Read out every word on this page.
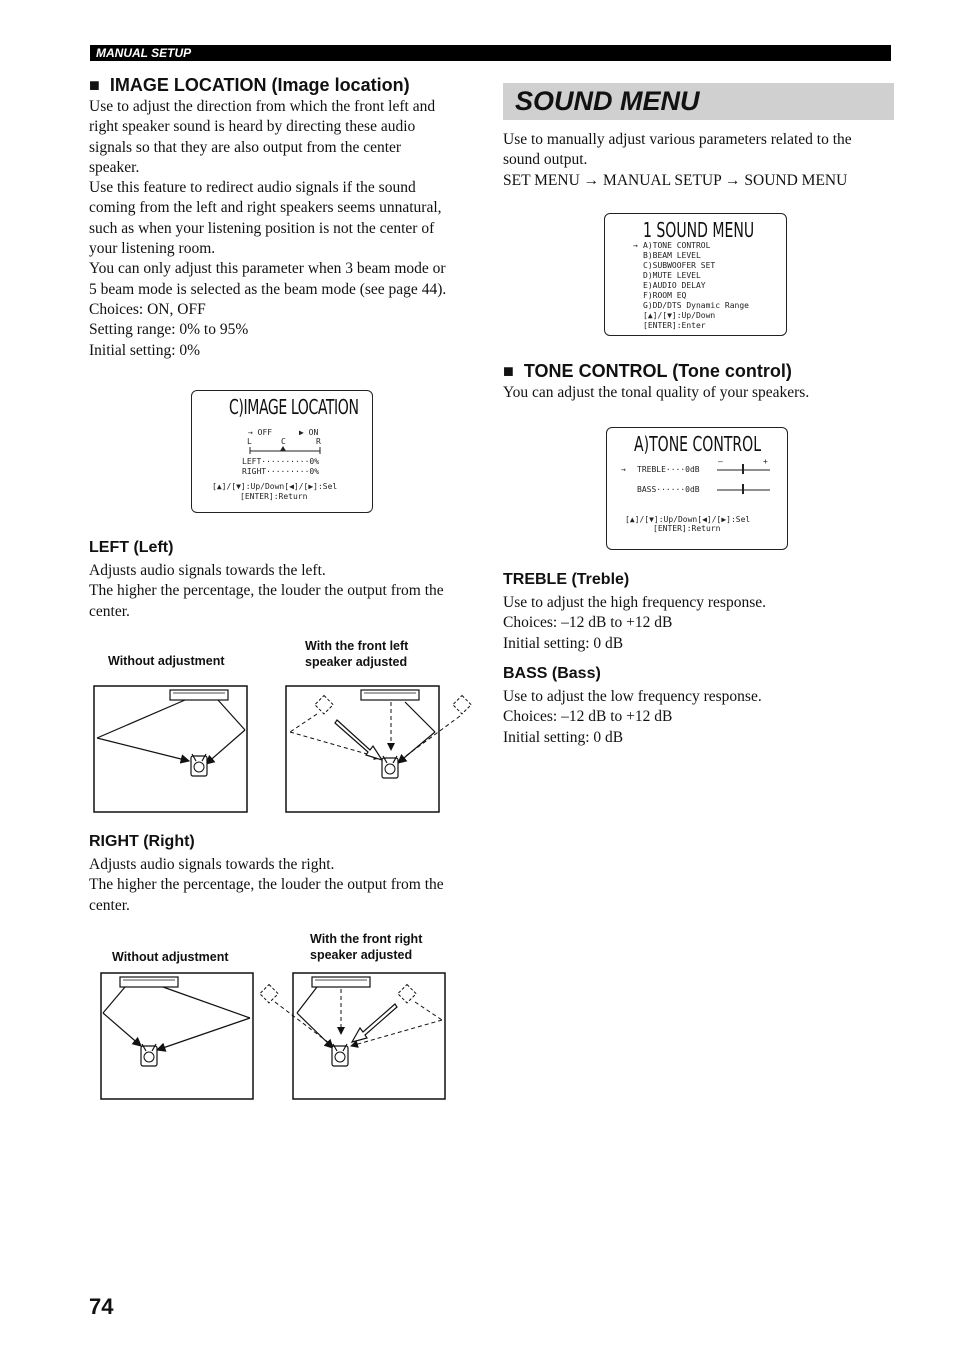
MANUAL SETUP
■ IMAGE LOCATION (Image location)
Use to adjust the direction from which the front left and
right speaker sound is heard by directing these audio
signals so that they are also output from the center
speaker.
Use this feature to redirect audio signals if the sound
coming from the left and right speakers seems unnatural,
such as when your listening position is not the center of
your listening room.
You can only adjust this parameter when 3 beam mode or
5 beam mode is selected as the beam mode (see page 44).
Choices: ON, OFF
Setting range: 0% to 95%
Initial setting: 0%
C)IMAGE LOCATION
→ OFF	▶ ON
L	C	R
LEFT··········0%
RIGHT·········0%
[▲]/[▼]:Up/Down[◀]/[▶]:Sel
[ENTER]:Return
LEFT (Left)
Adjusts audio signals towards the left.
The higher the percentage, the louder the output from the
center.
Without adjustment
With the front left
speaker adjusted
RIGHT (Right)
Adjusts audio signals towards the right.
The higher the percentage, the louder the output from the
center.
Without adjustment
With the front right
speaker adjusted
SOUND MENU
Use to manually adjust various parameters related to the
sound output.
SET MENU → MANUAL SETUP → SOUND MENU
1 SOUND MENU
→ A)TONE CONTROL
B)BEAM LEVEL
C)SUBWOOFER SET
D)MUTE LEVEL
E)AUDIO DELAY
F)ROOM EQ
G)DD/DTS Dynamic Range
[▲]/[▼]:Up/Down
[ENTER]:Enter
■ TONE CONTROL (Tone control)
You can adjust the tonal quality of your speakers.
A)TONE CONTROL
–	+
→ TREBLE····0dB
BASS······0dB
[▲]/[▼]:Up/Down[◀]/[▶]:Sel
[ENTER]:Return
TREBLE (Treble)
Use to adjust the high frequency response.
Choices: –12 dB to +12 dB
Initial setting: 0 dB
BASS (Bass)
Use to adjust the low frequency response.
Choices: –12 dB to +12 dB
Initial setting: 0 dB
74
